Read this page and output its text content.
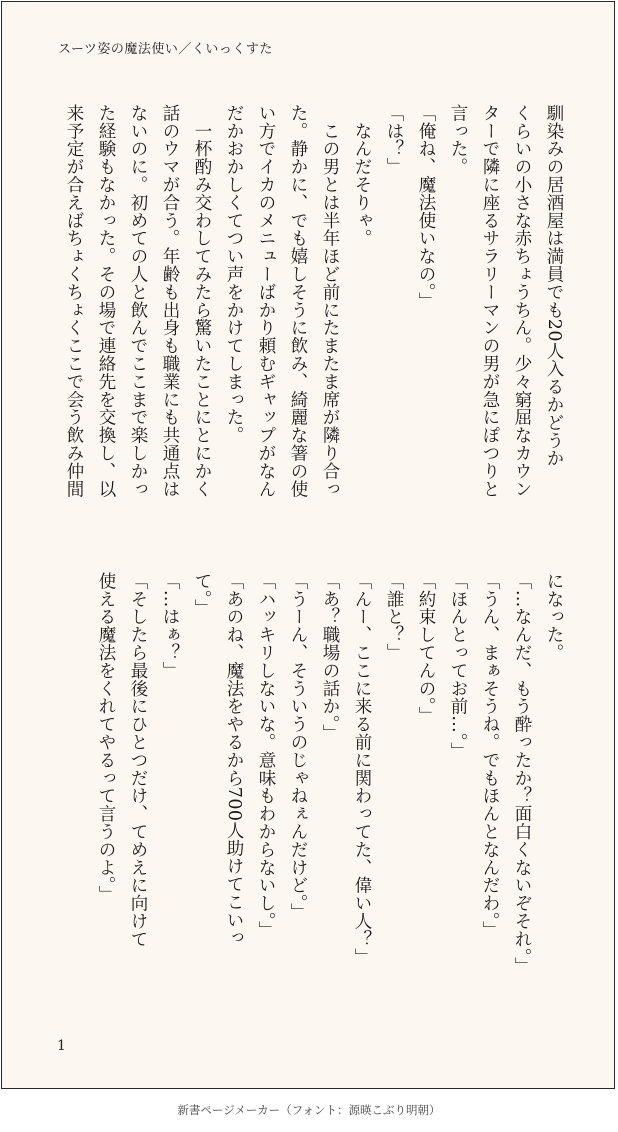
スーツ姿の魔法使い／くいっくすた

馴染みの居酒屋は満員でも20人入るかどうか

くらいの小さな赤ちょうちん。少々窮屈なカウン

ターで隣に座るサラリーマンの男が急にぽつりと

言った。

「俺ね、魔法使いなの。」

「は？」

　なんだそりゃ。

　この男とは半年ほど前にたまたま席が隣り合っ

た。静かに、でも嬉しそうに飲み、綺麗な箸の使

い方でイカのメニューばかり頼むギャップがなん

だかおかしくてつい声をかけてしまった。

　一杯酌み交わしてみたら驚いたことにとにかく

話のウマが合う。年齢も出身も職業にも共通点は

ないのに。初めての人と飲んでここまで楽しかっ

た経験もなかった。その場で連絡先を交換し、以

来予定が合えばちょくちょくここで会う飲み仲間

になった。

「…なんだ、もう酔ったか？面白くないぞそれ。」

「うん、まぁそうね。でもほんとなんだわ。」

「ほんとってお前…。」

「約束してんの。」

「誰と？」

「んー、ここに来る前に関わってた、偉い人？」

「あ？職場の話か。」

「うーん、そういうのじゃねぇんだけど。」

「ハッキリしないな。意味もわからないし。」

「あのね、魔法をやるから700人助けてこいっ

て。」

「…はぁ？」

「そしたら最後にひとつだけ、てめえに向けて

使える魔法をくれてやるって言うのよ。」

1
新書ページメーカー（フォント：源暎こぶり明朝）
